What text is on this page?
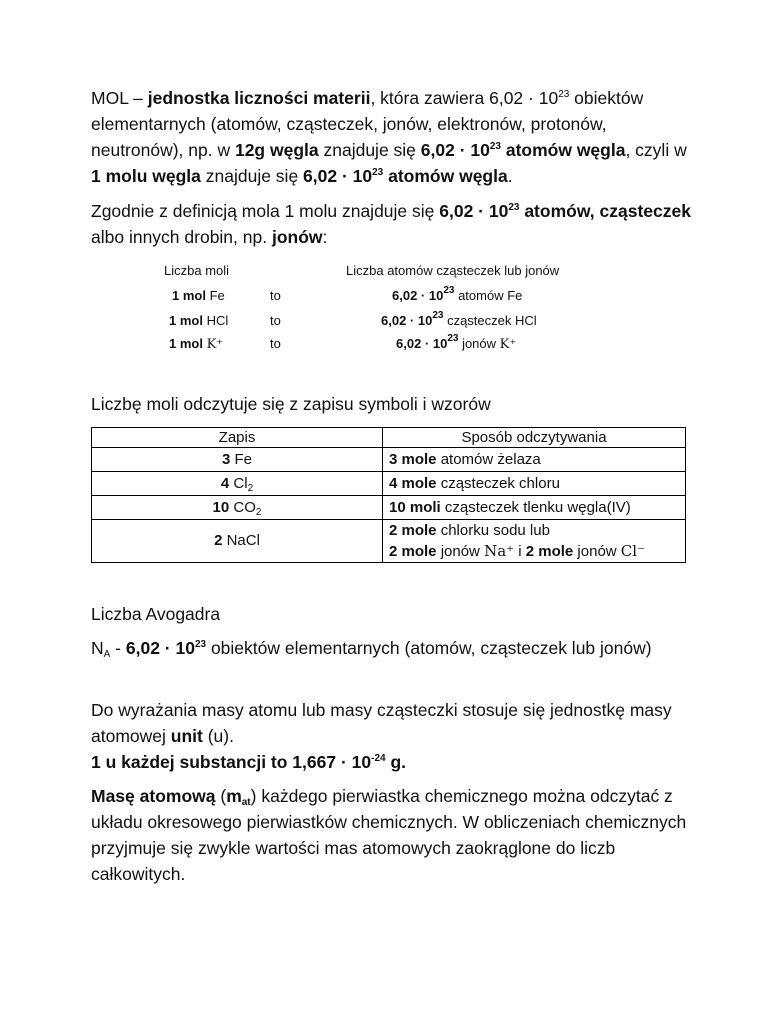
MOL – jednostka liczności materii, która zawiera $6,02 \cdot 10^{23}$ obiektów elementarnych (atomów, cząsteczek, jonów, elektronów, protonów, neutronów), np. w 12g węgla znajduje się $6,02 \cdot 10^{23}$ atomów węgla, czyli w 1 molu węgla znajduje się $6,02 \cdot 10^{23}$ atomów węgla.
Zgodnie z definicją mola 1 molu znajduje się $6,02 \cdot 10^{23}$ atomów, cząsteczek albo innych drobin, np. jonów:
Liczba moli	Liczba atomów cząsteczek lub jonów
1 mol Fe	to	$6,02 \cdot 10^{23}$ atomów Fe
1 mol HCl	to	$6,02 \cdot 10^{23}$ cząsteczek HCl
1 mol K⁺	to	$6,02 \cdot 10^{23}$ jonów K⁺
Liczbę moli odczytuje się z zapisu symboli i wzorów
Zapis	Sposób odczytywania
3 Fe	3 mole atomów żelaza
4 $Cl_2$	4 mole cząsteczek chloru
10 $CO_2$	10 moli cząsteczek tlenku węgla(IV)
2 NaCl	2 mole chlorku sodu lub
2 mole jonów Na⁺ i 2 mole jonów Cl⁻
Liczba Avogadra
$N_A - 6,02 \cdot 10^{23}$ obiektów elementarnych (atomów, cząsteczek lub jonów)
Do wyrażania masy atomu lub masy cząsteczki stosuje się jednostkę masy atomowej unit (u).
1 u każdej substancji to $1,667 \cdot 10^{-24}$ g.
Masę atomową $(m_{at})$ każdego pierwiastka chemicznego można odczytać z układu okresowego pierwiastków chemicznych. W obliczeniach chemicznych przyjmuje się zwykle wartości mas atomowych zaokrąglone do liczb całkowitych.
